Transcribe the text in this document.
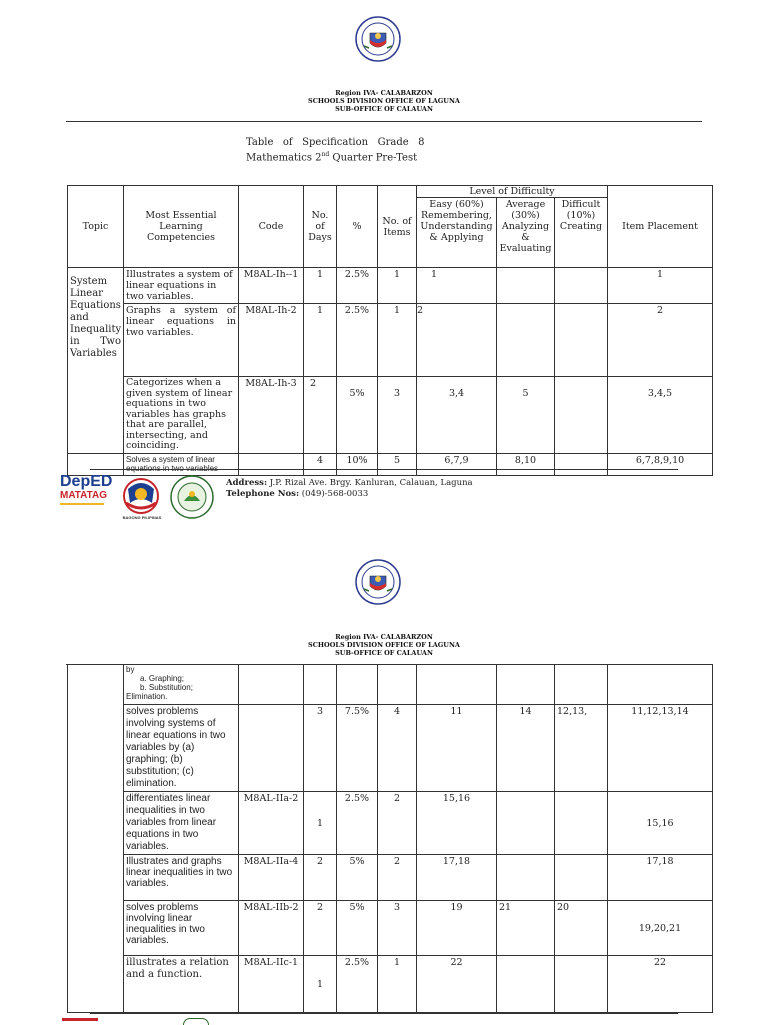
Region IVA- CALABARZON
SCHOOLS DIVISION OFFICE OF LAGUNA
SUB-OFFICE OF CALAUAN
Table   of   Specification   Grade   8
Mathematics 2nd Quarter Pre-Test
Topic	Most Essential Learning Competencies	Code	No. of Days	%	No. of Items	Level of Difficulty			Item Placement
						Easy (60%) Remembering, Understanding & Applying	Average (30%) Analyzing & Evaluating	Difficult (10%) Creating	
System Linear Equations and Inequality in Two Variables	Illustrates a system of linear equations in two variables.	M8AL-Ih--1	1	2.5%	1	1			1
	Graphs a system of linear equations in two variables.	M8AL-Ih-2	1	2.5%	1	2			2
	Categorizes when a given system of linear equations in two variables has graphs that are parallel, intersecting, and coinciding.	M8AL-Ih-3	2	5%	3	3,4	5		3,4,5
	Solves a system of linear equations in two variables		4	10%	5	6,7,9	8,10		6,7,8,9,10
DepED
MATATAG
BAGONG PILIPINAS
Address: J.P. Rizal Ave. Brgy. Kanluran, Calauan, Laguna
Telephone Nos: (049)-568-0033
Region IVA- CALABARZON
SCHOOLS DIVISION OFFICE OF LAGUNA
SUB-OFFICE OF CALAUAN

	by
a. Graphing;
b. Substitution;
Elimination.								

	solves problems involving systems of linear equations in two variables by (a) graphing; (b) substitution; (c) elimination.		3	7.5%	4	11	14	12,13,	11,12,13,14
	differentiates linear inequalities in two variables from linear equations in two variables.	M8AL-IIa-2	1	2.5%	2	15,16			15,16
	Illustrates and graphs linear inequalities in two variables.	M8AL-IIa-4	2	5%	2	17,18			17,18
	solves problems involving linear inequalities in two variables.	M8AL-IIb-2	2	5%	3	19	21	20	19,20,21
	illustrates a relation and a function.	M8AL-IIc-1	1	2.5%	1	22			22
